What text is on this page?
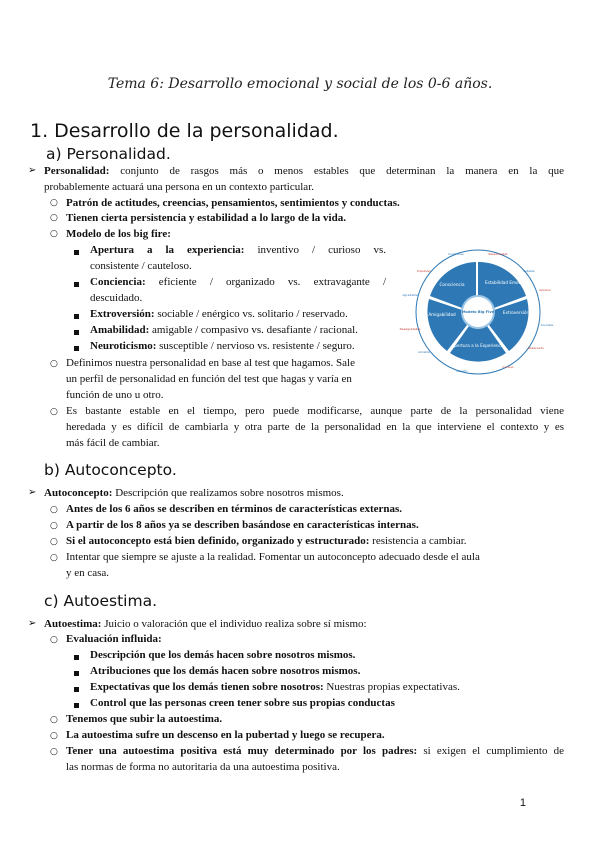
Tema 6: Desarrollo emocional y social de los 0-6 años.
1. Desarrollo de la personalidad.
a) Personalidad.
➢ Personalidad: conjunto de rasgos más o menos estables que determinan la manera en la que
probablemente actuará una persona en un contexto particular.
○ Patrón de actitudes, creencias, pensamientos, sentimientos y conductas.
○ Tienen cierta persistencia y estabilidad a lo largo de la vida.
○ Modelo de los big fire:
Apertura a la experiencia: inventivo / curioso vs.
consistente / cauteloso.
Conciencia: eficiente / organizado vs. extravagante /
descuidado.
Extroversión: sociable / enérgico vs. solitario / reservado.
Amabilidad: amigable / compasivo vs. desafiante / racional.
Neuroticismo: susceptible / nervioso vs. resistente / seguro.
○ Definimos nuestra personalidad en base al test que hagamos. Sale
un perfil de personalidad en función del test que hagas y varía en
función de uno u otro.
○ Es bastante estable en el tiempo, pero puede modificarse, aunque parte de la personalidad viene
heredada y es difícil de cambiarla y otra parte de la personalidad en la que interviene el contexto y es
más fácil de cambiar.
Consciencia	Estabilidad Emocional
Extroversión
Apertura a la Experiencia
Amigabilidad Modelo Big Five
Cuidadoso	Responsable
Estable
Ansioso
Sociable
Reservado
Curioso
Abierto
Amable
Desagradable
Agradable
Impulsivo
b) Autoconcepto.
➢ Autoconcepto: Descripción que realizamos sobre nosotros mismos.
○ Antes de los 6 años se describen en términos de características externas.
○ A partir de los 8 años ya se describen basándose en características internas.
○ Si el autoconcepto está bien definido, organizado y estructurado: resistencia a cambiar.
○ Intentar que siempre se ajuste a la realidad. Fomentar un autoconcepto adecuado desde el aula
y en casa.
c) Autoestima.
➢ Autoestima: Juicio o valoración que el individuo realiza sobre sí mismo:
○ Evaluación influida:
Descripción que los demás hacen sobre nosotros mismos.
Atribuciones que los demás hacen sobre nosotros mismos.
Expectativas que los demás tienen sobre nosotros: Nuestras propias expectativas.
Control que las personas creen tener sobre sus propias conductas
○ Tenemos que subir la autoestima.
○ La autoestima sufre un descenso en la pubertad y luego se recupera.
○ Tener una autoestima positiva está muy determinado por los padres: si exigen el cumplimiento de
las normas de forma no autoritaria da una autoestima positiva.
1
